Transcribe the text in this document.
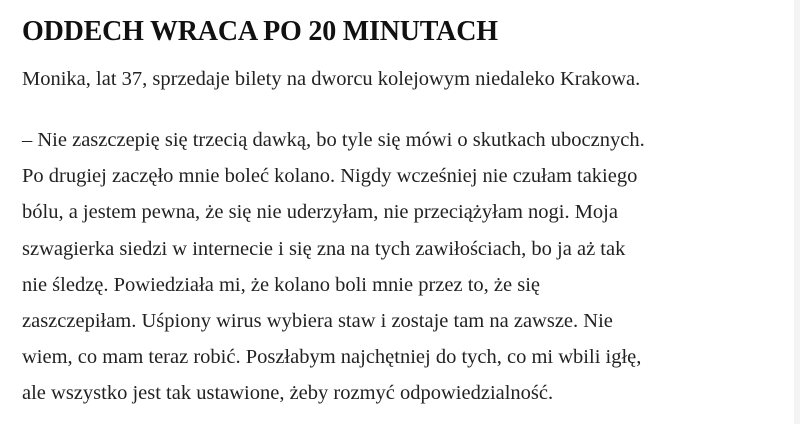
ODDECH WRACA PO 20 MINUTACH

Monika, lat 37, sprzedaje bilety na dworcu kolejowym niedaleko Krakowa.

– Nie zaszczepię się trzecią dawką, bo tyle się mówi o skutkach ubocznych.
Po drugiej zaczęło mnie boleć kolano. Nigdy wcześniej nie czułam takiego
bólu, a jestem pewna, że się nie uderzyłam, nie przeciążyłam nogi. Moja
szwagierka siedzi w internecie i się zna na tych zawiłościach, bo ja aż tak
nie śledzę. Powiedziała mi, że kolano boli mnie przez to, że się
zaszczepiłam. Uśpiony wirus wybiera staw i zostaje tam na zawsze. Nie
wiem, co mam teraz robić. Poszłabym najchętniej do tych, co mi wbili igłę,
ale wszystko jest tak ustawione, żeby rozmyć odpowiedzialność.
